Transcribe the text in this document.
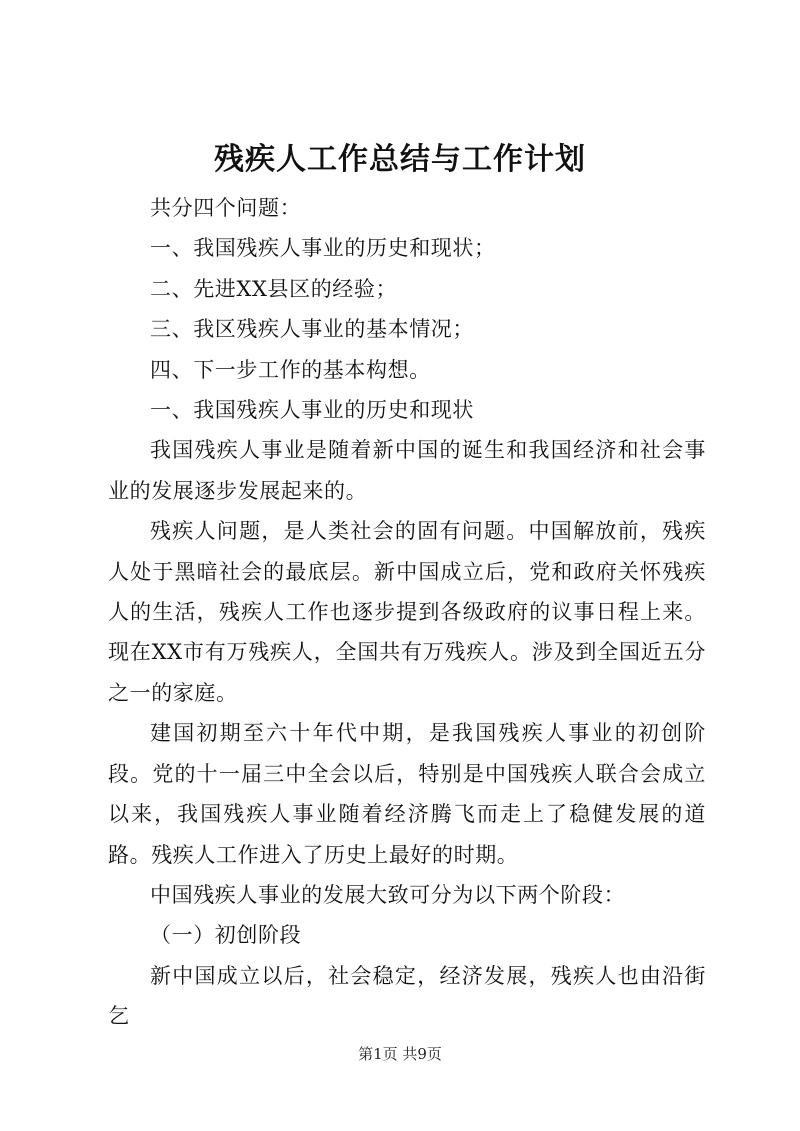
残疾人工作总结与工作计划

共分四个问题：

一、我国残疾人事业的历史和现状；

二、先进XX县区的经验；

三、我区残疾人事业的基本情况；

四、下一步工作的基本构想。

一、我国残疾人事业的历史和现状

我国残疾人事业是随着新中国的诞生和我国经济和社会事业的发展逐步发展起来的。

残疾人问题，是人类社会的固有问题。中国解放前，残疾人处于黑暗社会的最底层。新中国成立后，党和政府关怀残疾人的生活，残疾人工作也逐步提到各级政府的议事日程上来。现在XX市有万残疾人，全国共有万残疾人。涉及到全国近五分之一的家庭。

建国初期至六十年代中期，是我国残疾人事业的初创阶段。党的十一届三中全会以后，特别是中国残疾人联合会成立以来，我国残疾人事业随着经济腾飞而走上了稳健发展的道路。残疾人工作进入了历史上最好的时期。

中国残疾人事业的发展大致可分为以下两个阶段：

（一）初创阶段

新中国成立以后，社会稳定，经济发展，残疾人也由沿街乞

第1页 共9页
